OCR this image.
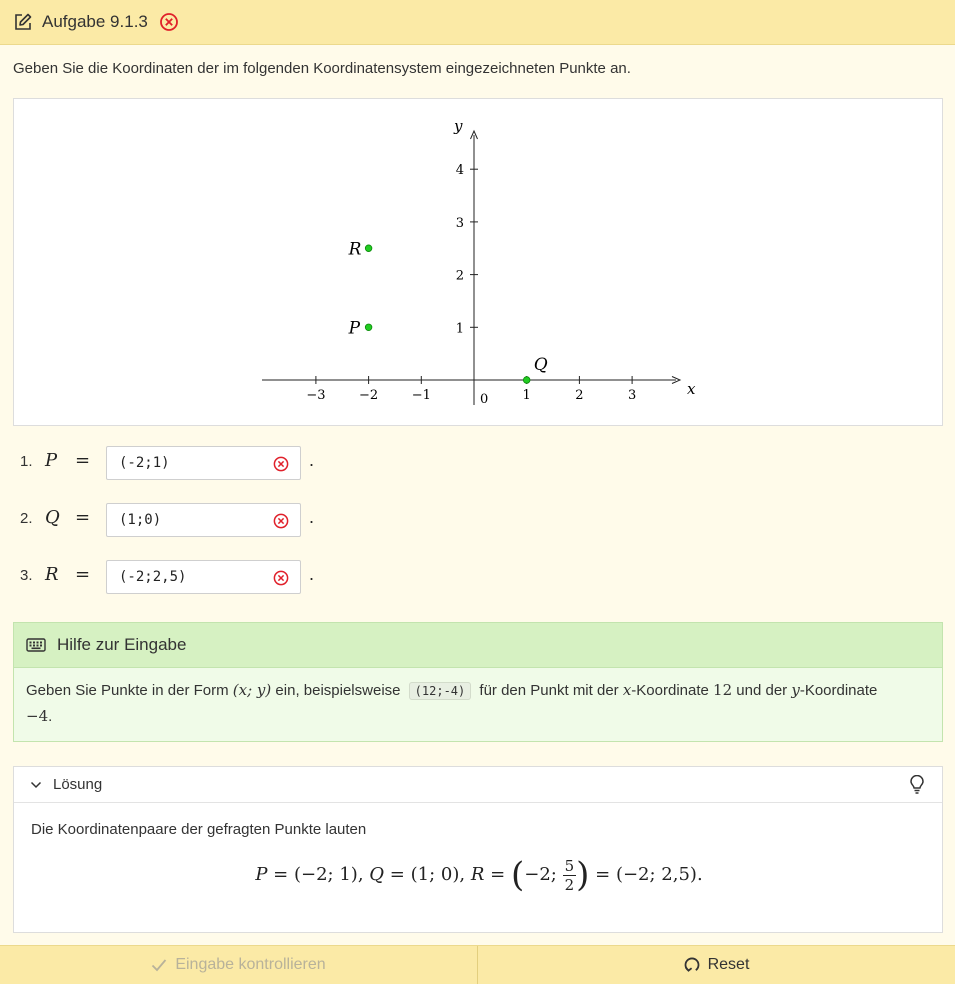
Aufgabe 9.1.3
Geben Sie die Koordinaten der im folgenden Koordinatensystem eingezeichneten Punkte an.
x
y
0
−3	−2	−1	1	2	3
1
2
3
4
P
Q
R
1. P = (-2;1)	.
2. Q = (1;0)	.
3. R = (-2;2,5)	.
Hilfe zur Eingabe
Geben Sie Punkte in der Form (x; y) ein, beispielsweise (12;-4) für den Punkt mit der x-Koordinate 12 und der y-Koordinate
−4.
Lösung
Die Koordinatenpaare der gefragten Punkte lauten
P = (−2; 1), Q = (1; 0), R = (−2; $\frac{5}{2}$ ) = (−2; 2,5).
Eingabe kontrollieren	Reset
